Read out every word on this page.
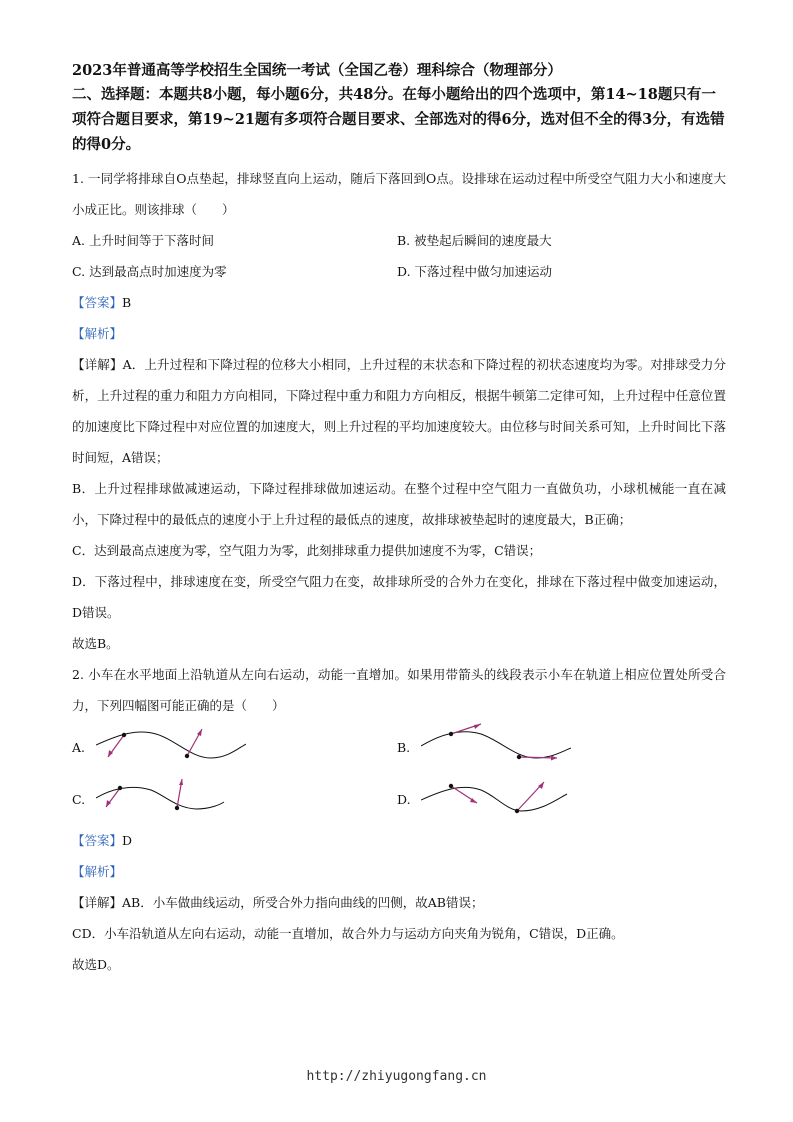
2023年普通高等学校招生全国统一考试（全国乙卷）理科综合（物理部分）

二、选择题：本题共8小题，每小题6分，共48分。在每小题给出的四个选项中，第14~18题只有一项符合题目要求，第19~21题有多项符合题目要求、全部选对的得6分，选对但不全的得3分，有选错的得0分。

1. 一同学将排球自O点垫起，排球竖直向上运动，随后下落回到O点。设排球在运动过程中所受空气阻力大小和速度大小成正比。则该排球（　　）

A. 上升时间等于下落时间	B. 被垫起后瞬间的速度最大
C. 达到最高点时加速度为零	D. 下落过程中做匀加速运动

【答案】B

【解析】

【详解】A．上升过程和下降过程的位移大小相同，上升过程的末状态和下降过程的初状态速度均为零。对排球受力分析，上升过程的重力和阻力方向相同，下降过程中重力和阻力方向相反，根据牛顿第二定律可知，上升过程中任意位置的加速度比下降过程中对应位置的加速度大，则上升过程的平均加速度较大。由位移与时间关系可知，上升时间比下落时间短，A错误；

B．上升过程排球做减速运动，下降过程排球做加速运动。在整个过程中空气阻力一直做负功，小球机械能一直在减小，下降过程中的最低点的速度小于上升过程的最低点的速度，故排球被垫起时的速度最大，B正确；

C．达到最高点速度为零，空气阻力为零，此刻排球重力提供加速度不为零，C错误；

D．下落过程中，排球速度在变，所受空气阻力在变，故排球所受的合外力在变化，排球在下落过程中做变加速运动，D错误。

故选B。

2. 小车在水平地面上沿轨道从左向右运动，动能一直增加。如果用带箭头的线段表示小车在轨道上相应位置处所受合力，下列四幅图可能正确的是（　　）

A.	B.
C.	D.

【答案】D

【解析】

【详解】AB．小车做曲线运动，所受合外力指向曲线的凹侧，故AB错误；

CD．小车沿轨道从左向右运动，动能一直增加，故合外力与运动方向夹角为锐角，C错误，D正确。

故选D。

http://zhiyugongfang.cn
